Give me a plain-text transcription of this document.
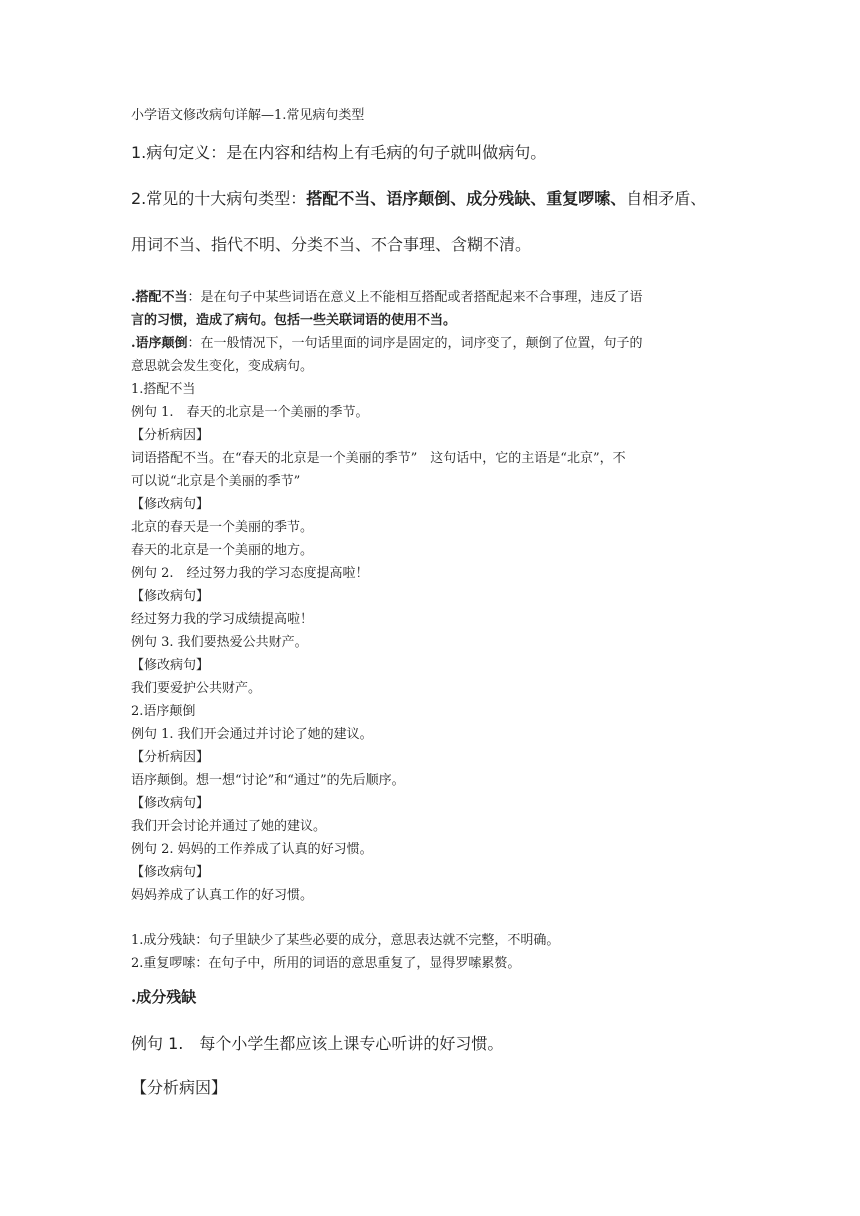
小学语文修改病句详解—1.常见病句类型
1.病句定义：是在内容和结构上有毛病的句子就叫做病句。
2.常见的十大病句类型：搭配不当、语序颠倒、成分残缺、重复啰嗦、自相矛盾、
用词不当、指代不明、分类不当、不合事理、含糊不清。
.搭配不当：是在句子中某些词语在意义上不能相互搭配或者搭配起来不合事理，违反了语
言的习惯，造成了病句。包括一些关联词语的使用不当。
.语序颠倒：在一般情况下，一句话里面的词序是固定的，词序变了，颠倒了位置，句子的
意思就会发生变化，变成病句。
1.搭配不当
例句 1.　春天的北京是一个美丽的季节。
【分析病因】
词语搭配不当。在“春天的北京是一个美丽的季节”　这句话中，它的主语是“北京”，不
可以说“北京是个美丽的季节”
【修改病句】
北京的春天是一个美丽的季节。
春天的北京是一个美丽的地方。
例句 2.　经过努力我的学习态度提高啦！
【修改病句】
经过努力我的学习成绩提高啦！
例句 3. 我们要热爱公共财产。
【修改病句】
我们要爱护公共财产。
2.语序颠倒
例句 1. 我们开会通过并讨论了她的建议。
【分析病因】
语序颠倒。想一想“讨论”和“通过”的先后顺序。
【修改病句】
我们开会讨论并通过了她的建议。
例句 2. 妈妈的工作养成了认真的好习惯。
【修改病句】
妈妈养成了认真工作的好习惯。
1.成分残缺：句子里缺少了某些必要的成分，意思表达就不完整，不明确。
2.重复啰嗦：在句子中，所用的词语的意思重复了，显得罗嗦累赘。
.成分残缺
例句 1.　每个小学生都应该上课专心听讲的好习惯。
【分析病因】
